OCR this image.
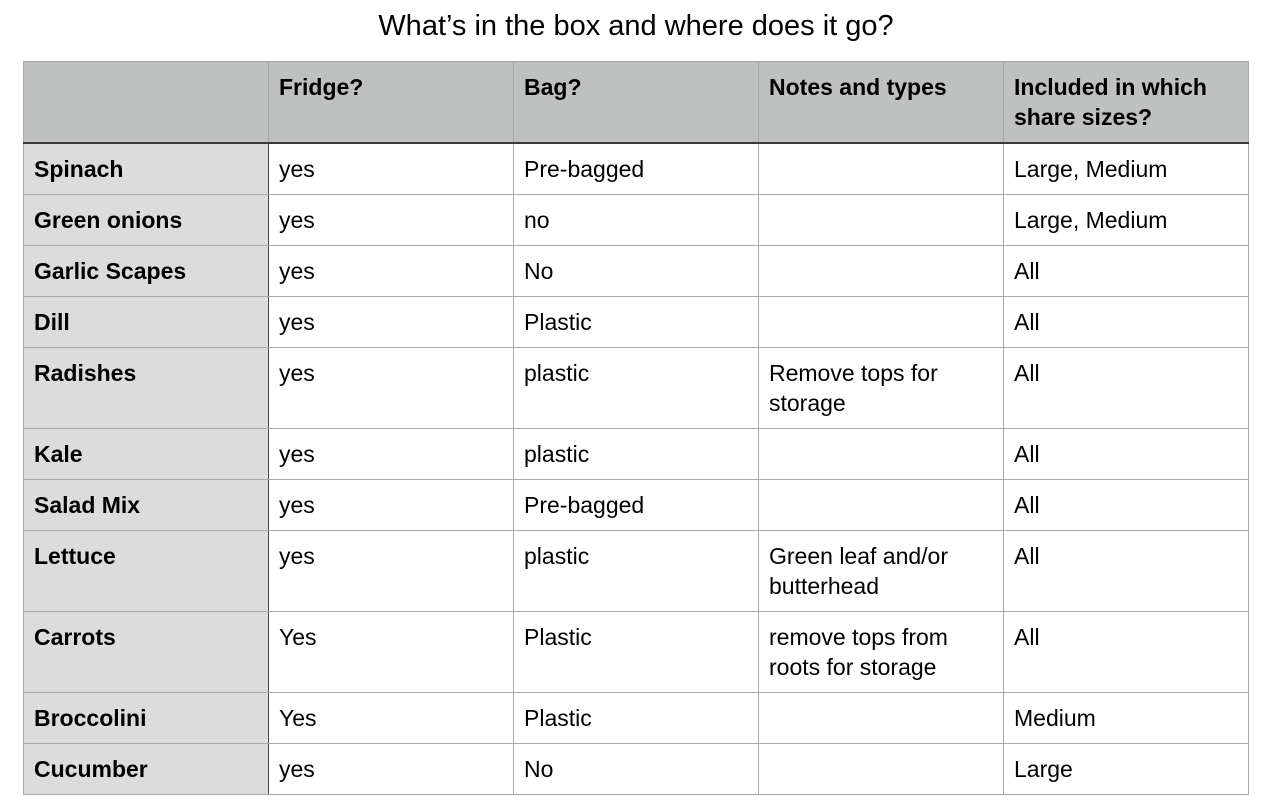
What’s in the box and where does it go?
	Fridge?	Bag?	Notes and types	Included in which share sizes?
Spinach	yes	Pre-bagged		Large, Medium
Green onions	yes	no		Large, Medium
Garlic Scapes	yes	No		All
Dill	yes	Plastic		All
Radishes	yes	plastic	Remove tops for storage	All
Kale	yes	plastic		All
Salad Mix	yes	Pre-bagged		All
Lettuce	yes	plastic	Green leaf and/or butterhead	All
Carrots	Yes	Plastic	remove tops from roots for storage	All
Broccolini	Yes	Plastic		Medium
Cucumber	yes	No		Large
